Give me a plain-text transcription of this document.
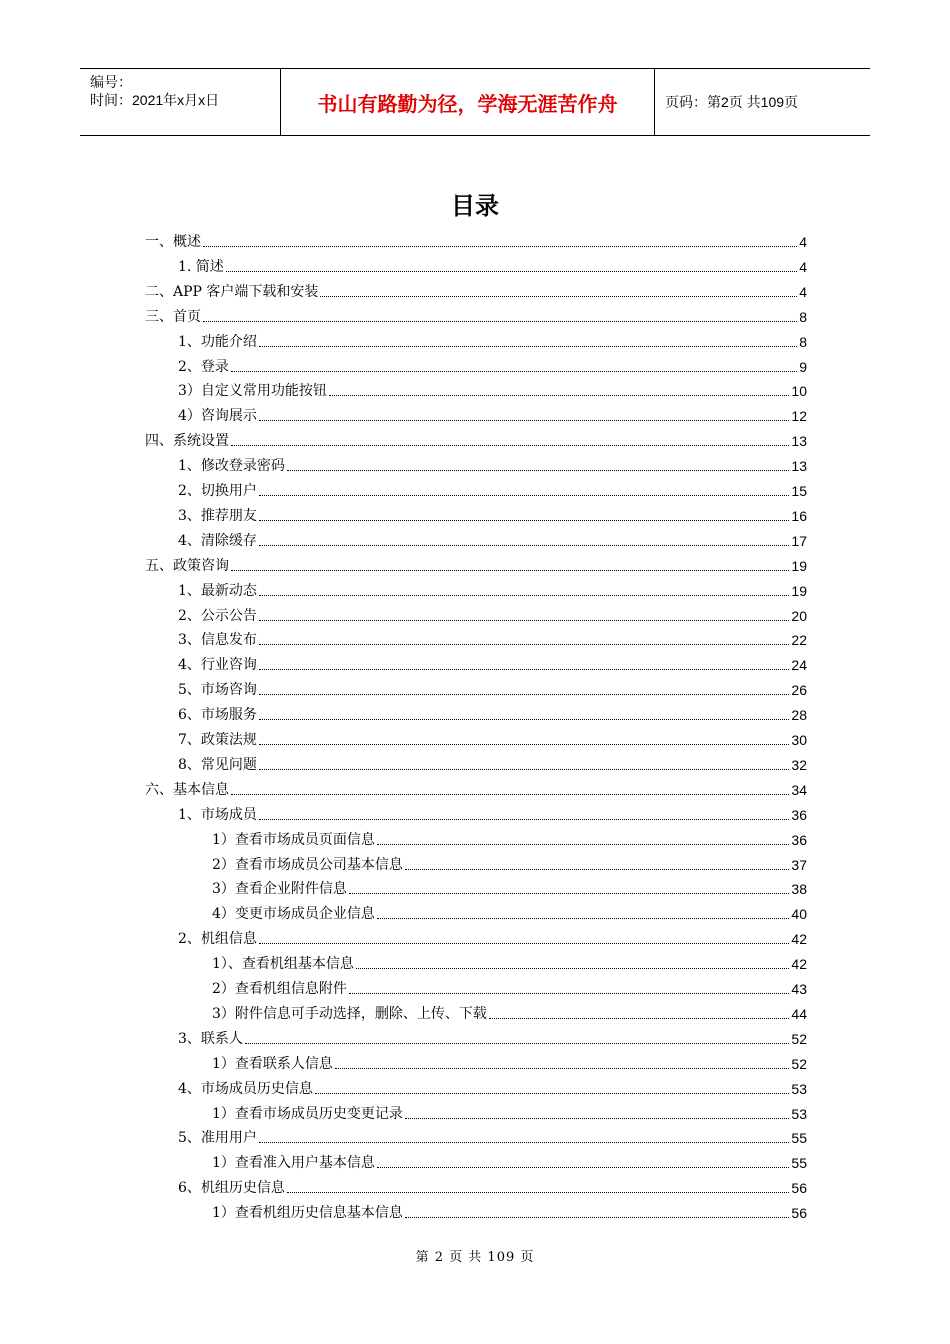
编号：
时间：2021年x月x日	书山有路勤为径，学海无涯苦作舟	页码：第2页 共109页
目录
一、概述	4
1. 简述	4
二、APP 客户端下载和安装	4
三、首页	8
1、功能介绍	8
2、登录	9
3）自定义常用功能按钮	10
4）咨询展示	12
四、系统设置	13
1、修改登录密码	13
2、切换用户	15
3、推荐朋友	16
4、清除缓存	17
五、政策咨询	19
1、最新动态	19
2、公示公告	20
3、信息发布	22
4、行业咨询	24
5、市场咨询	26
6、市场服务	28
7、政策法规	30
8、常见问题	32
六、基本信息	34
1、市场成员	36
1）查看市场成员页面信息	36
2）查看市场成员公司基本信息	37
3）查看企业附件信息	38
4）变更市场成员企业信息	40
2、机组信息	42
1）、查看机组基本信息	42
2）查看机组信息附件	43
3）附件信息可手动选择，删除、上传、下载	44
3、联系人	52
1）查看联系人信息	52
4、市场成员历史信息	53
1）查看市场成员历史变更记录	53
5、准用用户	55
1）查看准入用户基本信息	55
6、机组历史信息	56
1）查看机组历史信息基本信息	56
第 2 页 共 109 页
